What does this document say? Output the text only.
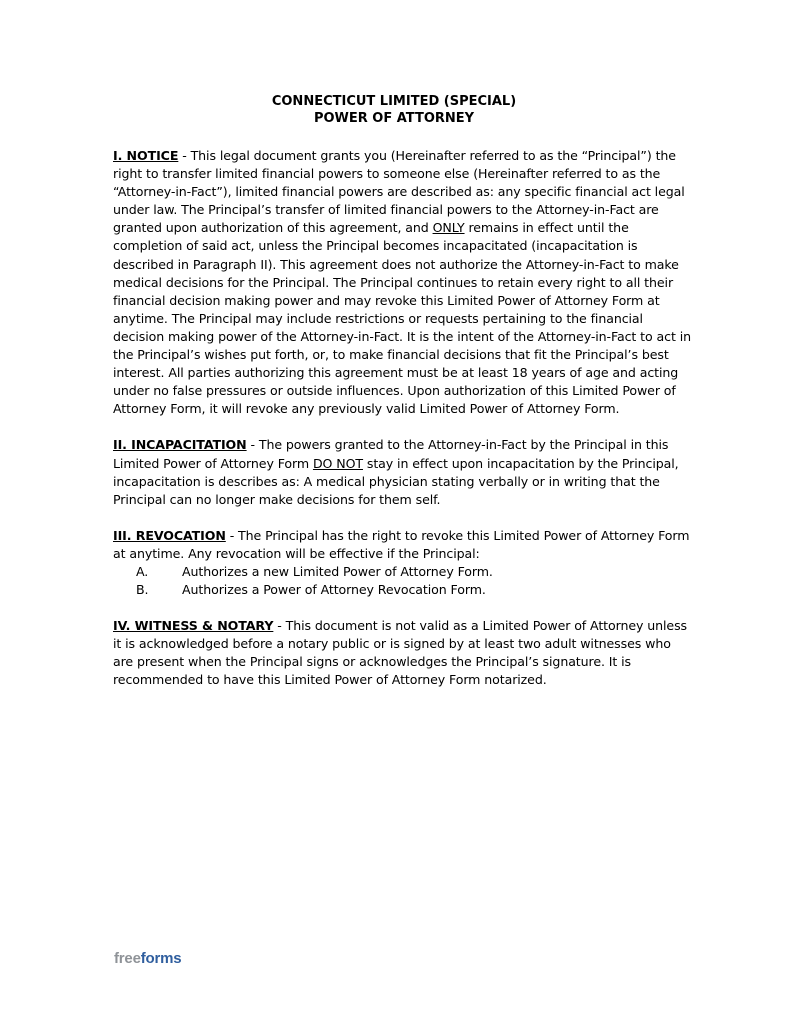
CONNECTICUT LIMITED (SPECIAL)
POWER OF ATTORNEY

I. NOTICE - This legal document grants you (Hereinafter referred to as the “Principal”) the right to transfer limited financial powers to someone else (Hereinafter referred to as the “Attorney-in-Fact”), limited financial powers are described as: any specific financial act legal under law. The Principal’s transfer of limited financial powers to the Attorney-in-Fact are granted upon authorization of this agreement, and ONLY remains in effect until the completion of said act, unless the Principal becomes incapacitated (incapacitation is described in Paragraph II). This agreement does not authorize the Attorney-in-Fact to make medical decisions for the Principal. The Principal continues to retain every right to all their financial decision making power and may revoke this Limited Power of Attorney Form at anytime. The Principal may include restrictions or requests pertaining to the financial decision making power of the Attorney-in-Fact. It is the intent of the Attorney-in-Fact to act in the Principal’s wishes put forth, or, to make financial decisions that fit the Principal’s best interest. All parties authorizing this agreement must be at least 18 years of age and acting under no false pressures or outside influences. Upon authorization of this Limited Power of Attorney Form, it will revoke any previously valid Limited Power of Attorney Form.

II. INCAPACITATION - The powers granted to the Attorney-in-Fact by the Principal in this Limited Power of Attorney Form DO NOT stay in effect upon incapacitation by the Principal, incapacitation is describes as: A medical physician stating verbally or in writing that the Principal can no longer make decisions for them self.

III. REVOCATION - The Principal has the right to revoke this Limited Power of Attorney Form at anytime. Any revocation will be effective if the Principal:
A.	Authorizes a new Limited Power of Attorney Form.
B.	Authorizes a Power of Attorney Revocation Form.

IV. WITNESS & NOTARY - This document is not valid as a Limited Power of Attorney unless it is acknowledged before a notary public or is signed by at least two adult witnesses who are present when the Principal signs or acknowledges the Principal’s signature. It is recommended to have this Limited Power of Attorney Form notarized.

freeforms
